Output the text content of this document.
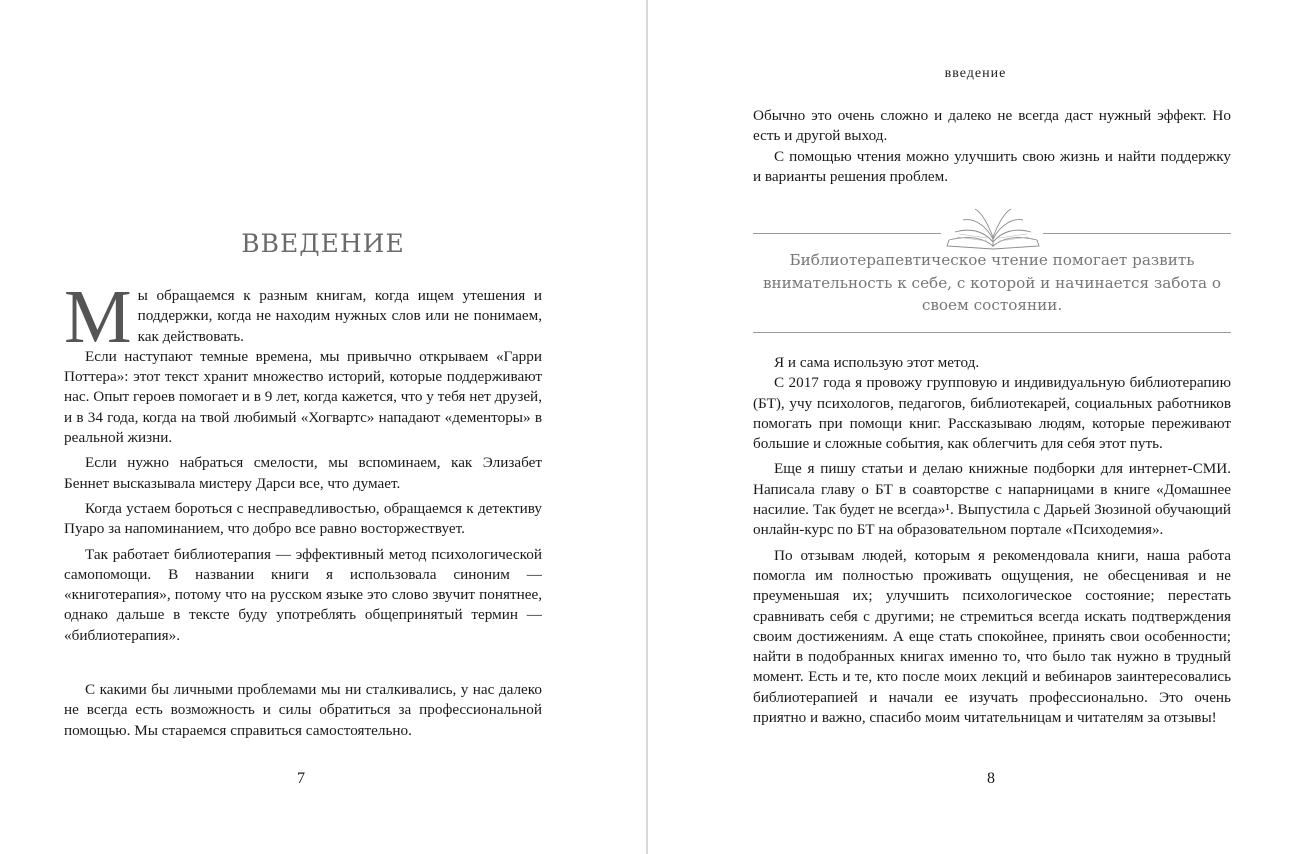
ВВЕДЕНИЕ

Мы обращаемся к разным книгам, когда ищем утешения и поддержки, когда не находим нужных слов или не понимаем, как действовать.

Если наступают темные времена, мы привычно открываем «Гарри Поттера»: этот текст хранит множество историй, которые поддерживают нас. Опыт героев помогает и в 9 лет, когда кажется, что у тебя нет друзей, и в 34 года, когда на твой любимый «Хогвартс» нападают «дементоры» в реальной жизни.

Если нужно набраться смелости, мы вспоминаем, как Элизабет Беннет высказывала мистеру Дарси все, что думает.

Когда устаем бороться с несправедливостью, обращаемся к детективу Пуаро за напоминанием, что добро все равно восторжествует.

Так работает библиотерапия — эффективный метод психологической самопомощи. В названии книги я использовала синоним — «книготерапия», потому что на русском языке это слово звучит понятнее, однако дальше в тексте буду употреблять общепринятый термин — «библиотерапия».

С какими бы личными проблемами мы ни сталкивались, у нас далеко не всегда есть возможность и силы обратиться за профессиональной помощью. Мы стараемся справиться самостоятельно.

7
введение

Обычно это очень сложно и далеко не всегда даст нужный эффект. Но есть и другой выход.

С помощью чтения можно улучшить свою жизнь и найти поддержку и варианты решения проблем.

Библиотерапевтическое чтение помогает развить внимательность к себе, с которой и начинается забота о своем состоянии.

Я и сама использую этот метод.

С 2017 года я провожу групповую и индивидуальную библиотерапию (БТ), учу психологов, педагогов, библиотекарей, социальных работников помогать при помощи книг. Рассказываю людям, которые переживают большие и сложные события, как облегчить для себя этот путь.

Еще я пишу статьи и делаю книжные подборки для интернет-СМИ. Написала главу о БТ в соавторстве с напарницами в книге «Домашнее насилие. Так будет не всегда»¹. Выпустила с Дарьей Зюзиной обучающий онлайн-курс по БТ на образовательном портале «Психодемия».

По отзывам людей, которым я рекомендовала книги, наша работа помогла им полностью проживать ощущения, не обесценивая и не преуменьшая их; улучшить психологическое состояние; перестать сравнивать себя с другими; не стремиться всегда искать подтверждения своим достижениям. А еще стать спокойнее, принять свои особенности; найти в подобранных книгах именно то, что было так нужно в трудный момент. Есть и те, кто после моих лекций и вебинаров заинтересовались библиотерапией и начали ее изучать профессионально. Это очень приятно и важно, спасибо моим читательницам и читателям за отзывы!

8
